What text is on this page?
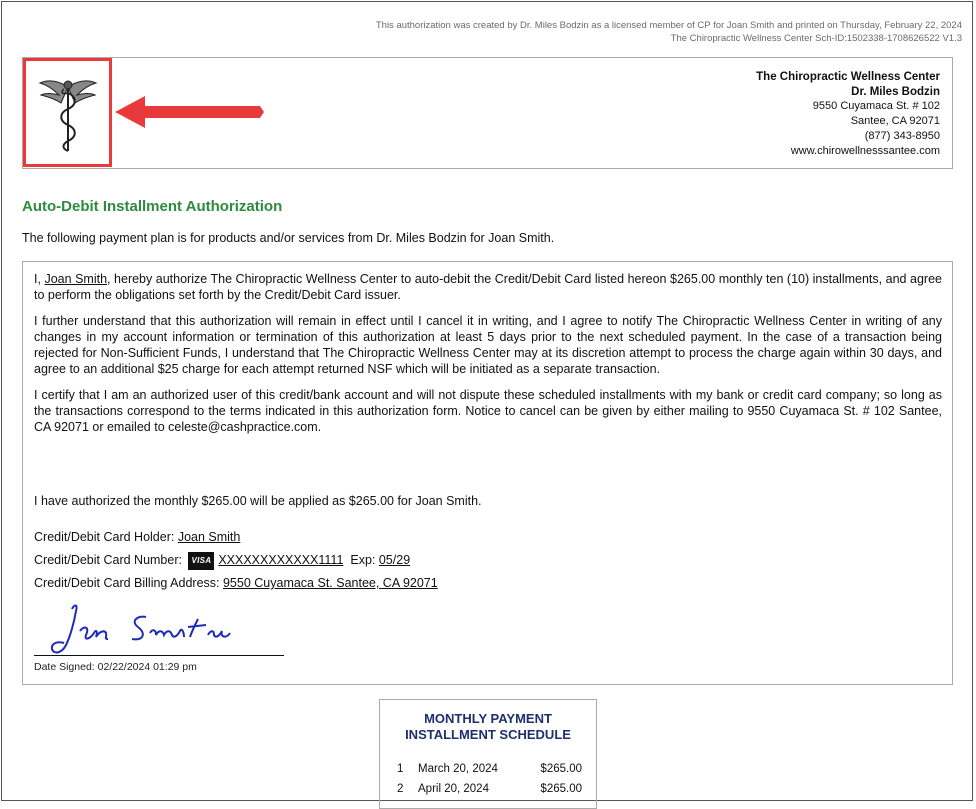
This authorization was created by Dr. Miles Bodzin as a licensed member of CP for Joan Smith and printed on Thursday, February 22, 2024
The Chiropractic Wellness Center Sch-ID:1502338-1708626522 V1.3
The Chiropractic Wellness Center
Dr. Miles Bodzin
9550 Cuyamaca St. # 102
Santee, CA 92071
(877) 343-8950
www.chirowellnesssantee.com
Auto-Debit Installment Authorization
The following payment plan is for products and/or services from Dr. Miles Bodzin for Joan Smith.

I, Joan Smith, hereby authorize The Chiropractic Wellness Center to auto-debit the Credit/Debit Card listed hereon $265.00 monthly ten (10) installments, and agree to perform the obligations set forth by the Credit/Debit Card issuer.

I further understand that this authorization will remain in effect until I cancel it in writing, and I agree to notify The Chiropractic Wellness Center in writing of any changes in my account information or termination of this authorization at least 5 days prior to the next scheduled payment. In the case of a transaction being rejected for Non-Sufficient Funds, I understand that The Chiropractic Wellness Center may at its discretion attempt to process the charge again within 30 days, and agree to an additional $25 charge for each attempt returned NSF which will be initiated as a separate transaction.

I certify that I am an authorized user of this credit/bank account and will not dispute these scheduled installments with my bank or credit card company; so long as the transactions correspond to the terms indicated in this authorization form. Notice to cancel can be given by either mailing to 9550 Cuyamaca St. # 102 Santee, CA 92071 or emailed to celeste@cashpractice.com.

I have authorized the monthly $265.00 will be applied as $265.00 for Joan Smith.
Credit/Debit Card Holder: Joan Smith
Credit/Debit Card Number: VISA XXXXXXXXXXXX1111 Exp: 05/29
Credit/Debit Card Billing Address: 9550 Cuyamaca St. Santee, CA 92071
Date Signed: 02/22/2024 01:29 pm
MONTHLY PAYMENT
INSTALLMENT SCHEDULE
1 March 20, 2024	$265.00
2 April 20, 2024	$265.00
